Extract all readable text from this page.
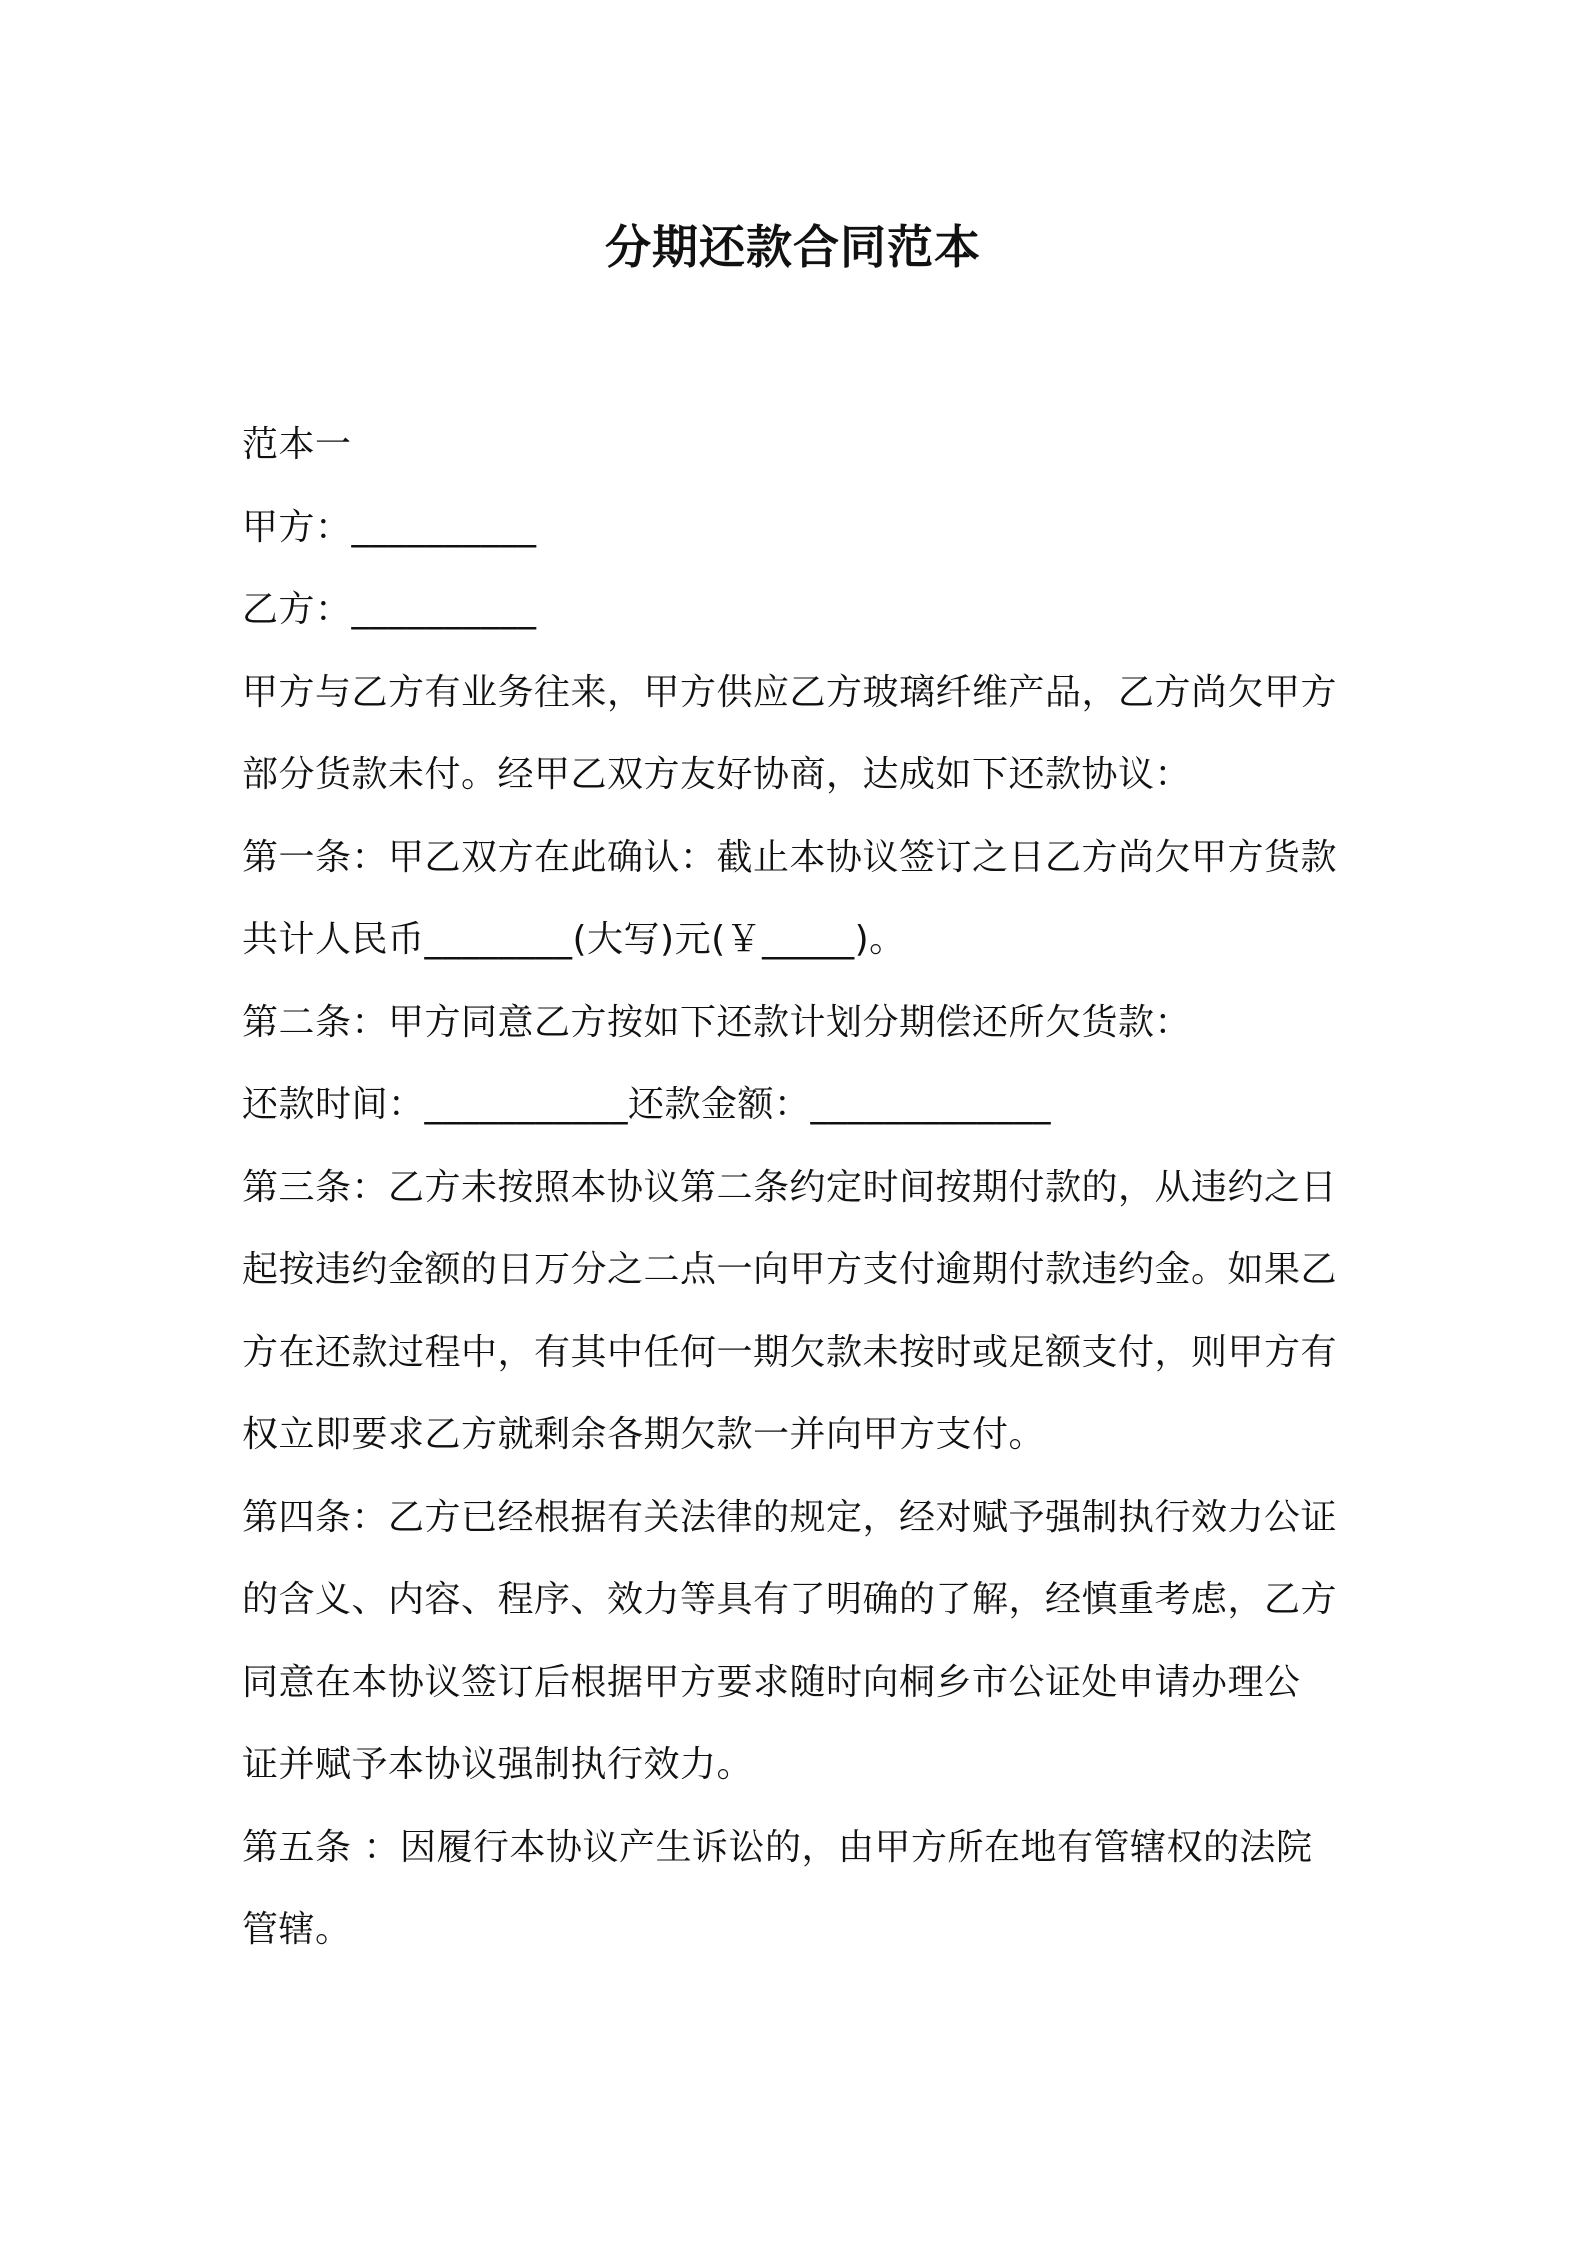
分期还款合同范本
范本一
甲方：__________
乙方：__________
甲方与乙方有业务往来，甲方供应乙方玻璃纤维产品，乙方尚欠甲方
部分货款未付。经甲乙双方友好协商，达成如下还款协议：
第一条：甲乙双方在此确认：截止本协议签订之日乙方尚欠甲方货款
共计人民币________(大写)元(￥_____)。
第二条：甲方同意乙方按如下还款计划分期偿还所欠货款：
还款时间：___________还款金额：_____________
第三条：乙方未按照本协议第二条约定时间按期付款的，从违约之日
起按违约金额的日万分之二点一向甲方支付逾期付款违约金。如果乙
方在还款过程中，有其中任何一期欠款未按时或足额支付，则甲方有
权立即要求乙方就剩余各期欠款一并向甲方支付。
第四条：乙方已经根据有关法律的规定，经对赋予强制执行效力公证
的含义、内容、程序、效力等具有了明确的了解，经慎重考虑，乙方
同意在本协议签订后根据甲方要求随时向桐乡市公证处申请办理公
证并赋予本协议强制执行效力。
第五条 ：因履行本协议产生诉讼的，由甲方所在地有管辖权的法院
管辖。
